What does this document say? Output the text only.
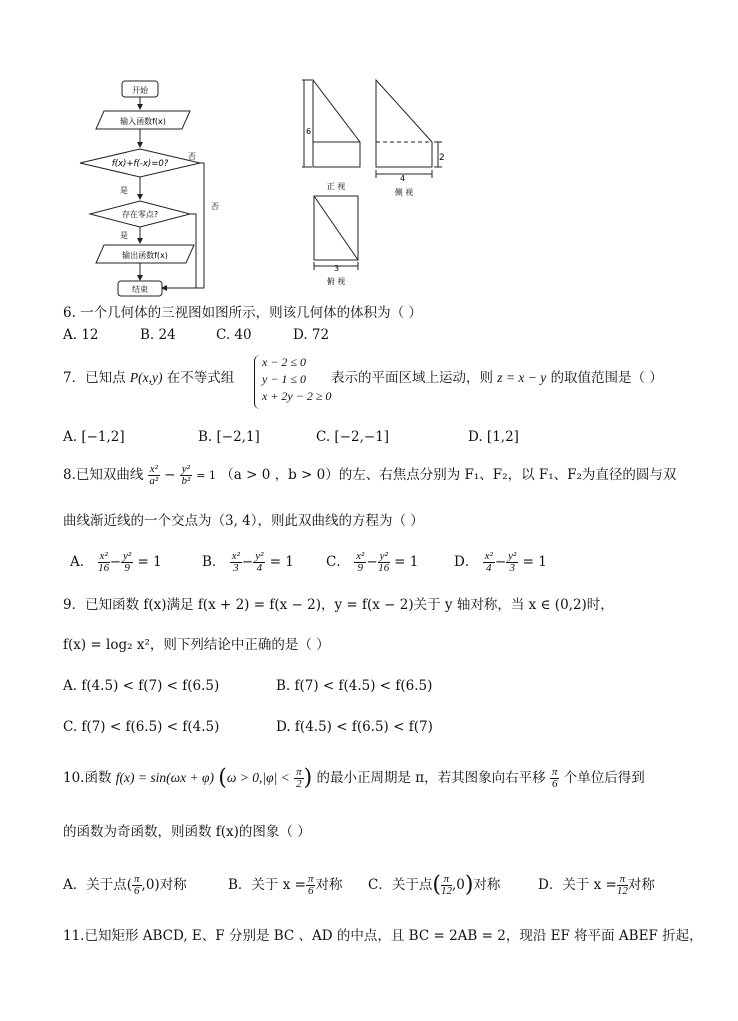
开始
输入函数f(x)
f(x)+f(-x)=0?
是
否
存在零点?
否
是
输出函数f(x)
结束
6
2
4
3
正 视
侧 视
俯 视
6. 一个几何体的三视图如图所示，则该几何体的体积为（ ）
A. 12	B. 24	C. 40	D. 72
7．已知点 P(x,y) 在不等式组
x − 2 ≤ 0
y − 1 ≤ 0
x + 2y − 2 ≥ 0
表示的平面区域上运动，则 z = x − y 的取值范围是（ ）
A. [−1,2]	B. [−2,1]	C. [−2,−1]	D. [1,2]
8.已知双曲线 $\frac{\text{x²}}{\text{a²}} - \frac{\text{y²}}{\text{b²}} = 1$ （a > 0 ，b > 0）的左、右焦点分别为 F₁、F₂，以 F₁、F₂为直径的圆与双
曲线渐近线的一个交点为（3, 4），则此双曲线的方程为（ ）
A． $\frac{\text{x²}}{16} - \frac{\text{y²}}{9} = 1$	B． $\frac{\text{x²}}{3} - \frac{\text{y²}}{4} = 1$ C． $\frac{\text{x²}}{9} - \frac{\text{y²}}{16} = 1$	D． $\frac{\text{x²}}{4} - \frac{\text{y²}}{3} = 1$
9．已知函数 f(x)满足 f(x + 2) = f(x − 2)，y = f(x − 2)关于 y 轴对称，当 x ∈ (0,2)时，
f(x) = log₂ x²，则下列结论中正确的是（ ）
A. f(4.5) < f(7) < f(6.5)	B. f(7) < f(4.5) < f(6.5)
C. f(7) < f(6.5) < f(4.5)	D. f(4.5) < f(6.5) < f(7)
10.函数 f(x) = sin(ωx + φ) ($\omega > 0,|\varphi| < \frac{\pi}{2}$ ) 的最小正周期是 π，若其图象向右平移 $\frac{\pi}{6}$ 个单位后得到
的函数为奇函数，则函数 f(x)的图象（ ）
A．关于点( $\frac{\pi}{6} ,0$)对称	B．关于 $x = \frac{\pi}{6}$ 对称 C．关于点( $\frac{\pi}{12} ,0$)对称	D．关于 $x = \frac{\pi}{12}$ 对称
11.已知矩形 ABCD, E、F 分别是 BC 、AD 的中点，且 BC = 2AB = 2，现沿 EF 将平面 ABEF 折起，
